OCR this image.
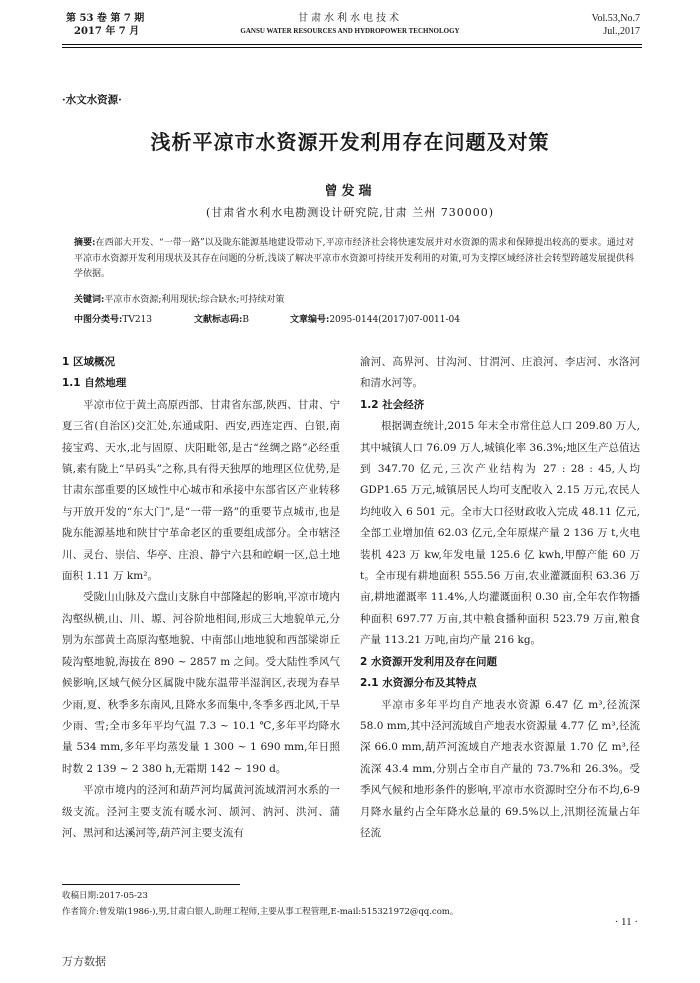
第 53 卷 第 7 期
2017 年 7 月
甘肃水利水电技术
GANSU WATER RESOURCES AND HYDROPOWER TECHNOLOGY
Vol.53,No.7
Jul.,2017
·水文水资源·
浅析平凉市水资源开发利用存在问题及对策
曾发瑞
(甘肃省水利水电勘测设计研究院,甘肃 兰州 730000)
摘要:在西部大开发、“一带一路”以及陇东能源基地建设带动下,平凉市经济社会将快速发展并对水资源的需求和保障提出较高的要求。通过对平凉市水资源开发利用现状及其存在问题的分析,浅谈了解决平凉市水资源可持续开发利用的对策,可为支撑区域经济社会转型跨越发展提供科学依据。
关键词:平凉市水资源;利用现状;综合缺水;可持续对策
中图分类号:TV213	文献标志码:B	文章编号:2095-0144(2017)07-0011-04
1 区域概况
1.1 自然地理

平凉市位于黄土高原西部、甘肃省东部,陕西、甘肃、宁夏三省(自治区)交汇处,东通咸阳、西安,西连定西、白银,南接宝鸡、天水,北与固原、庆阳毗邻,是古“丝绸之路”必经重镇,素有陇上“旱码头”之称,具有得天独厚的地理区位优势,是甘肃东部重要的区域性中心城市和承接中东部省区产业转移与开放开发的“东大门”,是“一带一路”的重要节点城市,也是陇东能源基地和陕甘宁革命老区的重要组成部分。全市辖泾川、灵台、崇信、华亭、庄浪、静宁六县和崆峒一区,总土地面积 1.11 万 km²。

受陇山山脉及六盘山支脉自中部隆起的影响,平凉市境内沟壑纵横,山、川、塬、河谷阶地相间,形成三大地貌单元,分别为东部黄土高原沟壑地貌、中南部山地地貌和西部梁峁丘陵沟壑地貌,海拔在 890 ~ 2857 m 之间。受大陆性季风气候影响,区域气候分区属陇中陇东温带半湿润区,表现为春旱少雨,夏、秋季多东南风,且降水多而集中,冬季多西北风,干旱少雨、雪;全市多年平均气温 7.3 ~ 10.1 ℃,多年平均降水量 534 mm,多年平均蒸发量 1 300 ~ 1 690 mm,年日照时数 2 139 ~ 2 380 h,无霜期 142 ~ 190 d。

平凉市境内的泾河和葫芦河均属黄河流域渭河水系的一级支流。泾河主要支流有暖水河、颉河、汭河、洪河、蒲河、黑河和达溪河等,葫芦河主要支流有

渝河、高界河、甘沟河、甘渭河、庄浪河、李店河、水洛河和清水河等。

1.2 社会经济

根据调查统计,2015 年末全市常住总人口 209.80 万人,其中城镇人口 76.09 万人,城镇化率 36.3%;地区生产总值达到 347.70 亿元,三次产业结构为 27 : 28 : 45,人均 GDP1.65 万元,城镇居民人均可支配收入 2.15 万元,农民人均纯收入 6 501 元。全市大口径财政收入完成 48.11 亿元,全部工业增加值 62.03 亿元,全年原煤产量 2 136 万 t,火电装机 423 万 kw,年发电量 125.6 亿 kwh,甲醇产能 60 万 t。全市现有耕地面积 555.56 万亩,农业灌溉面积 63.36 万亩,耕地灌溉率 11.4%,人均灌溉面积 0.30 亩,全年农作物播种面积 697.77 万亩,其中粮食播种面积 523.79 万亩,粮食产量 113.21 万吨,亩均产量 216 kg。

2 水资源开发利用及存在问题
2.1 水资源分布及其特点

平凉市多年平均自产地表水资源 6.47 亿 m³,径流深 58.0 mm,其中泾河流域自产地表水资源量 4.77 亿 m³,径流深 66.0 mm,葫芦河流域自产地表水资源量 1.70 亿 m³,径流深 43.4 mm,分别占全市自产量的 73.7%和 26.3%。受季风气候和地形条件的影响,平凉市水资源时空分布不均,6-9 月降水量约占全年降水总量的 69.5%以上,汛期径流量占年径流

收稿日期:2017-05-23
作者简介:曾发瑞(1986-),男,甘肃白银人,助理工程师,主要从事工程管理,E-mail:515321972@qq.com。
· 11 ·
万方数据
